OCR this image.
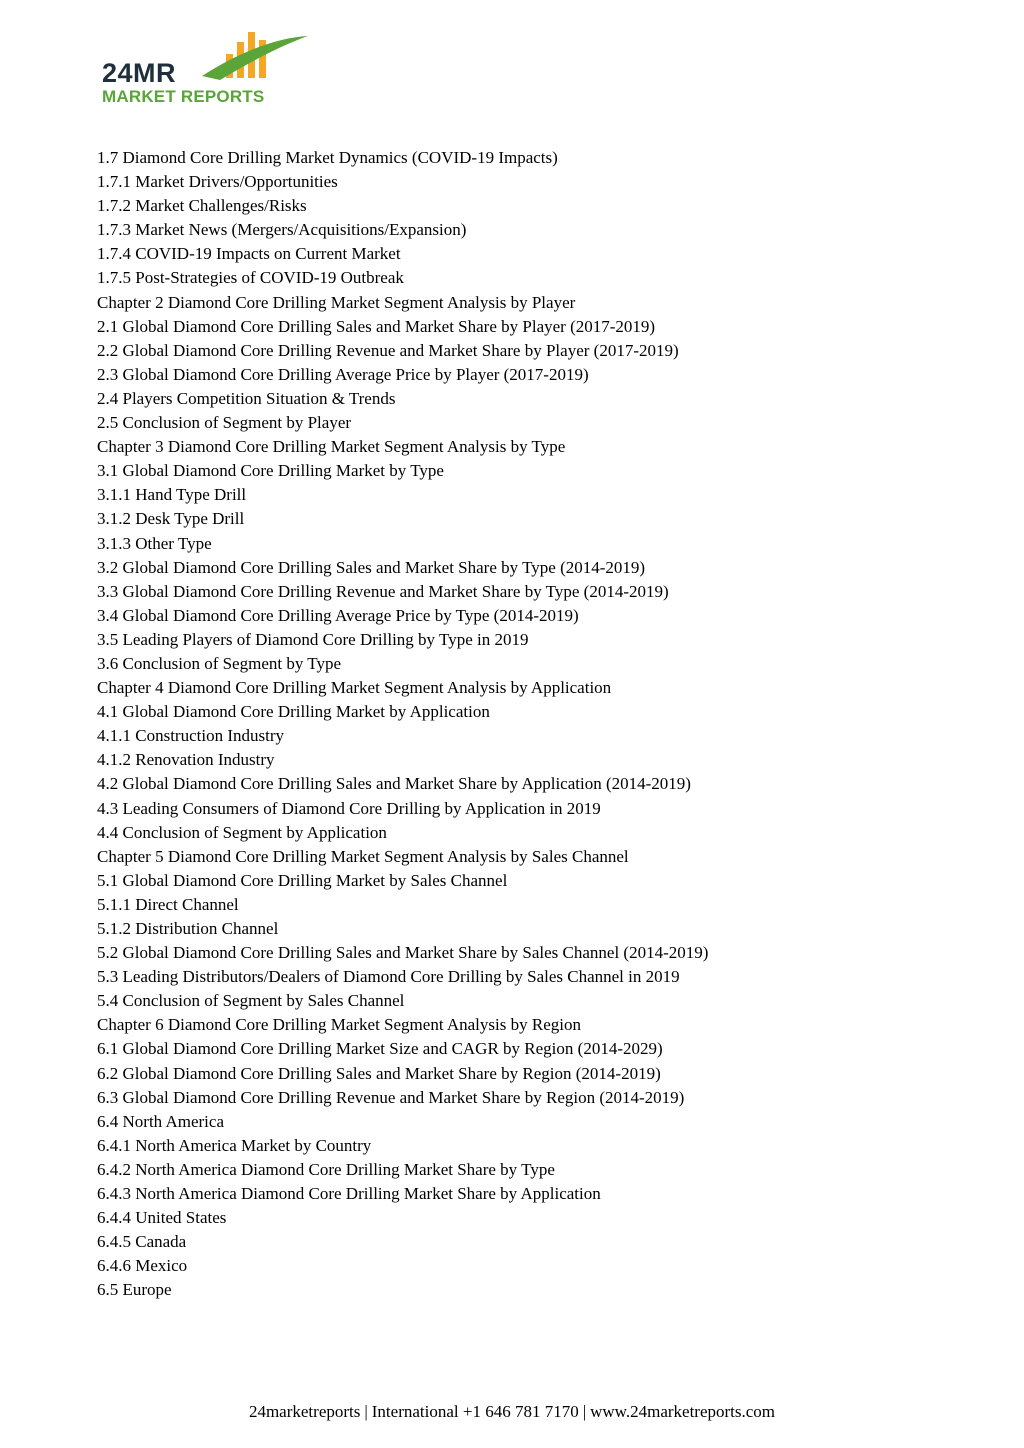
24MR
MARKET REPORTS
1.7 Diamond Core Drilling Market Dynamics (COVID-19 Impacts)
1.7.1 Market Drivers/Opportunities
1.7.2 Market Challenges/Risks
1.7.3 Market News (Mergers/Acquisitions/Expansion)
1.7.4 COVID-19 Impacts on Current Market
1.7.5 Post-Strategies of COVID-19 Outbreak
Chapter 2 Diamond Core Drilling Market Segment Analysis by Player
2.1 Global Diamond Core Drilling Sales and Market Share by Player (2017-2019)
2.2 Global Diamond Core Drilling Revenue and Market Share by Player (2017-2019)
2.3 Global Diamond Core Drilling Average Price by Player (2017-2019)
2.4 Players Competition Situation & Trends
2.5 Conclusion of Segment by Player
Chapter 3 Diamond Core Drilling Market Segment Analysis by Type
3.1 Global Diamond Core Drilling Market by Type
3.1.1 Hand Type Drill
3.1.2 Desk Type Drill
3.1.3 Other Type
3.2 Global Diamond Core Drilling Sales and Market Share by Type (2014-2019)
3.3 Global Diamond Core Drilling Revenue and Market Share by Type (2014-2019)
3.4 Global Diamond Core Drilling Average Price by Type (2014-2019)
3.5 Leading Players of Diamond Core Drilling by Type in 2019
3.6 Conclusion of Segment by Type
Chapter 4 Diamond Core Drilling Market Segment Analysis by Application
4.1 Global Diamond Core Drilling Market by Application
4.1.1 Construction Industry
4.1.2 Renovation Industry
4.2 Global Diamond Core Drilling Sales and Market Share by Application (2014-2019)
4.3 Leading Consumers of Diamond Core Drilling by Application in 2019
4.4 Conclusion of Segment by Application
Chapter 5 Diamond Core Drilling Market Segment Analysis by Sales Channel
5.1 Global Diamond Core Drilling Market by Sales Channel
5.1.1 Direct Channel
5.1.2 Distribution Channel
5.2 Global Diamond Core Drilling Sales and Market Share by Sales Channel (2014-2019)
5.3 Leading Distributors/Dealers of Diamond Core Drilling by Sales Channel in 2019
5.4 Conclusion of Segment by Sales Channel
Chapter 6 Diamond Core Drilling Market Segment Analysis by Region
6.1 Global Diamond Core Drilling Market Size and CAGR by Region (2014-2029)
6.2 Global Diamond Core Drilling Sales and Market Share by Region (2014-2019)
6.3 Global Diamond Core Drilling Revenue and Market Share by Region (2014-2019)
6.4 North America
6.4.1 North America Market by Country
6.4.2 North America Diamond Core Drilling Market Share by Type
6.4.3 North America Diamond Core Drilling Market Share by Application
6.4.4 United States
6.4.5 Canada
6.4.6 Mexico
6.5 Europe
24marketreports | International +1 646 781 7170 | www.24marketreports.com
